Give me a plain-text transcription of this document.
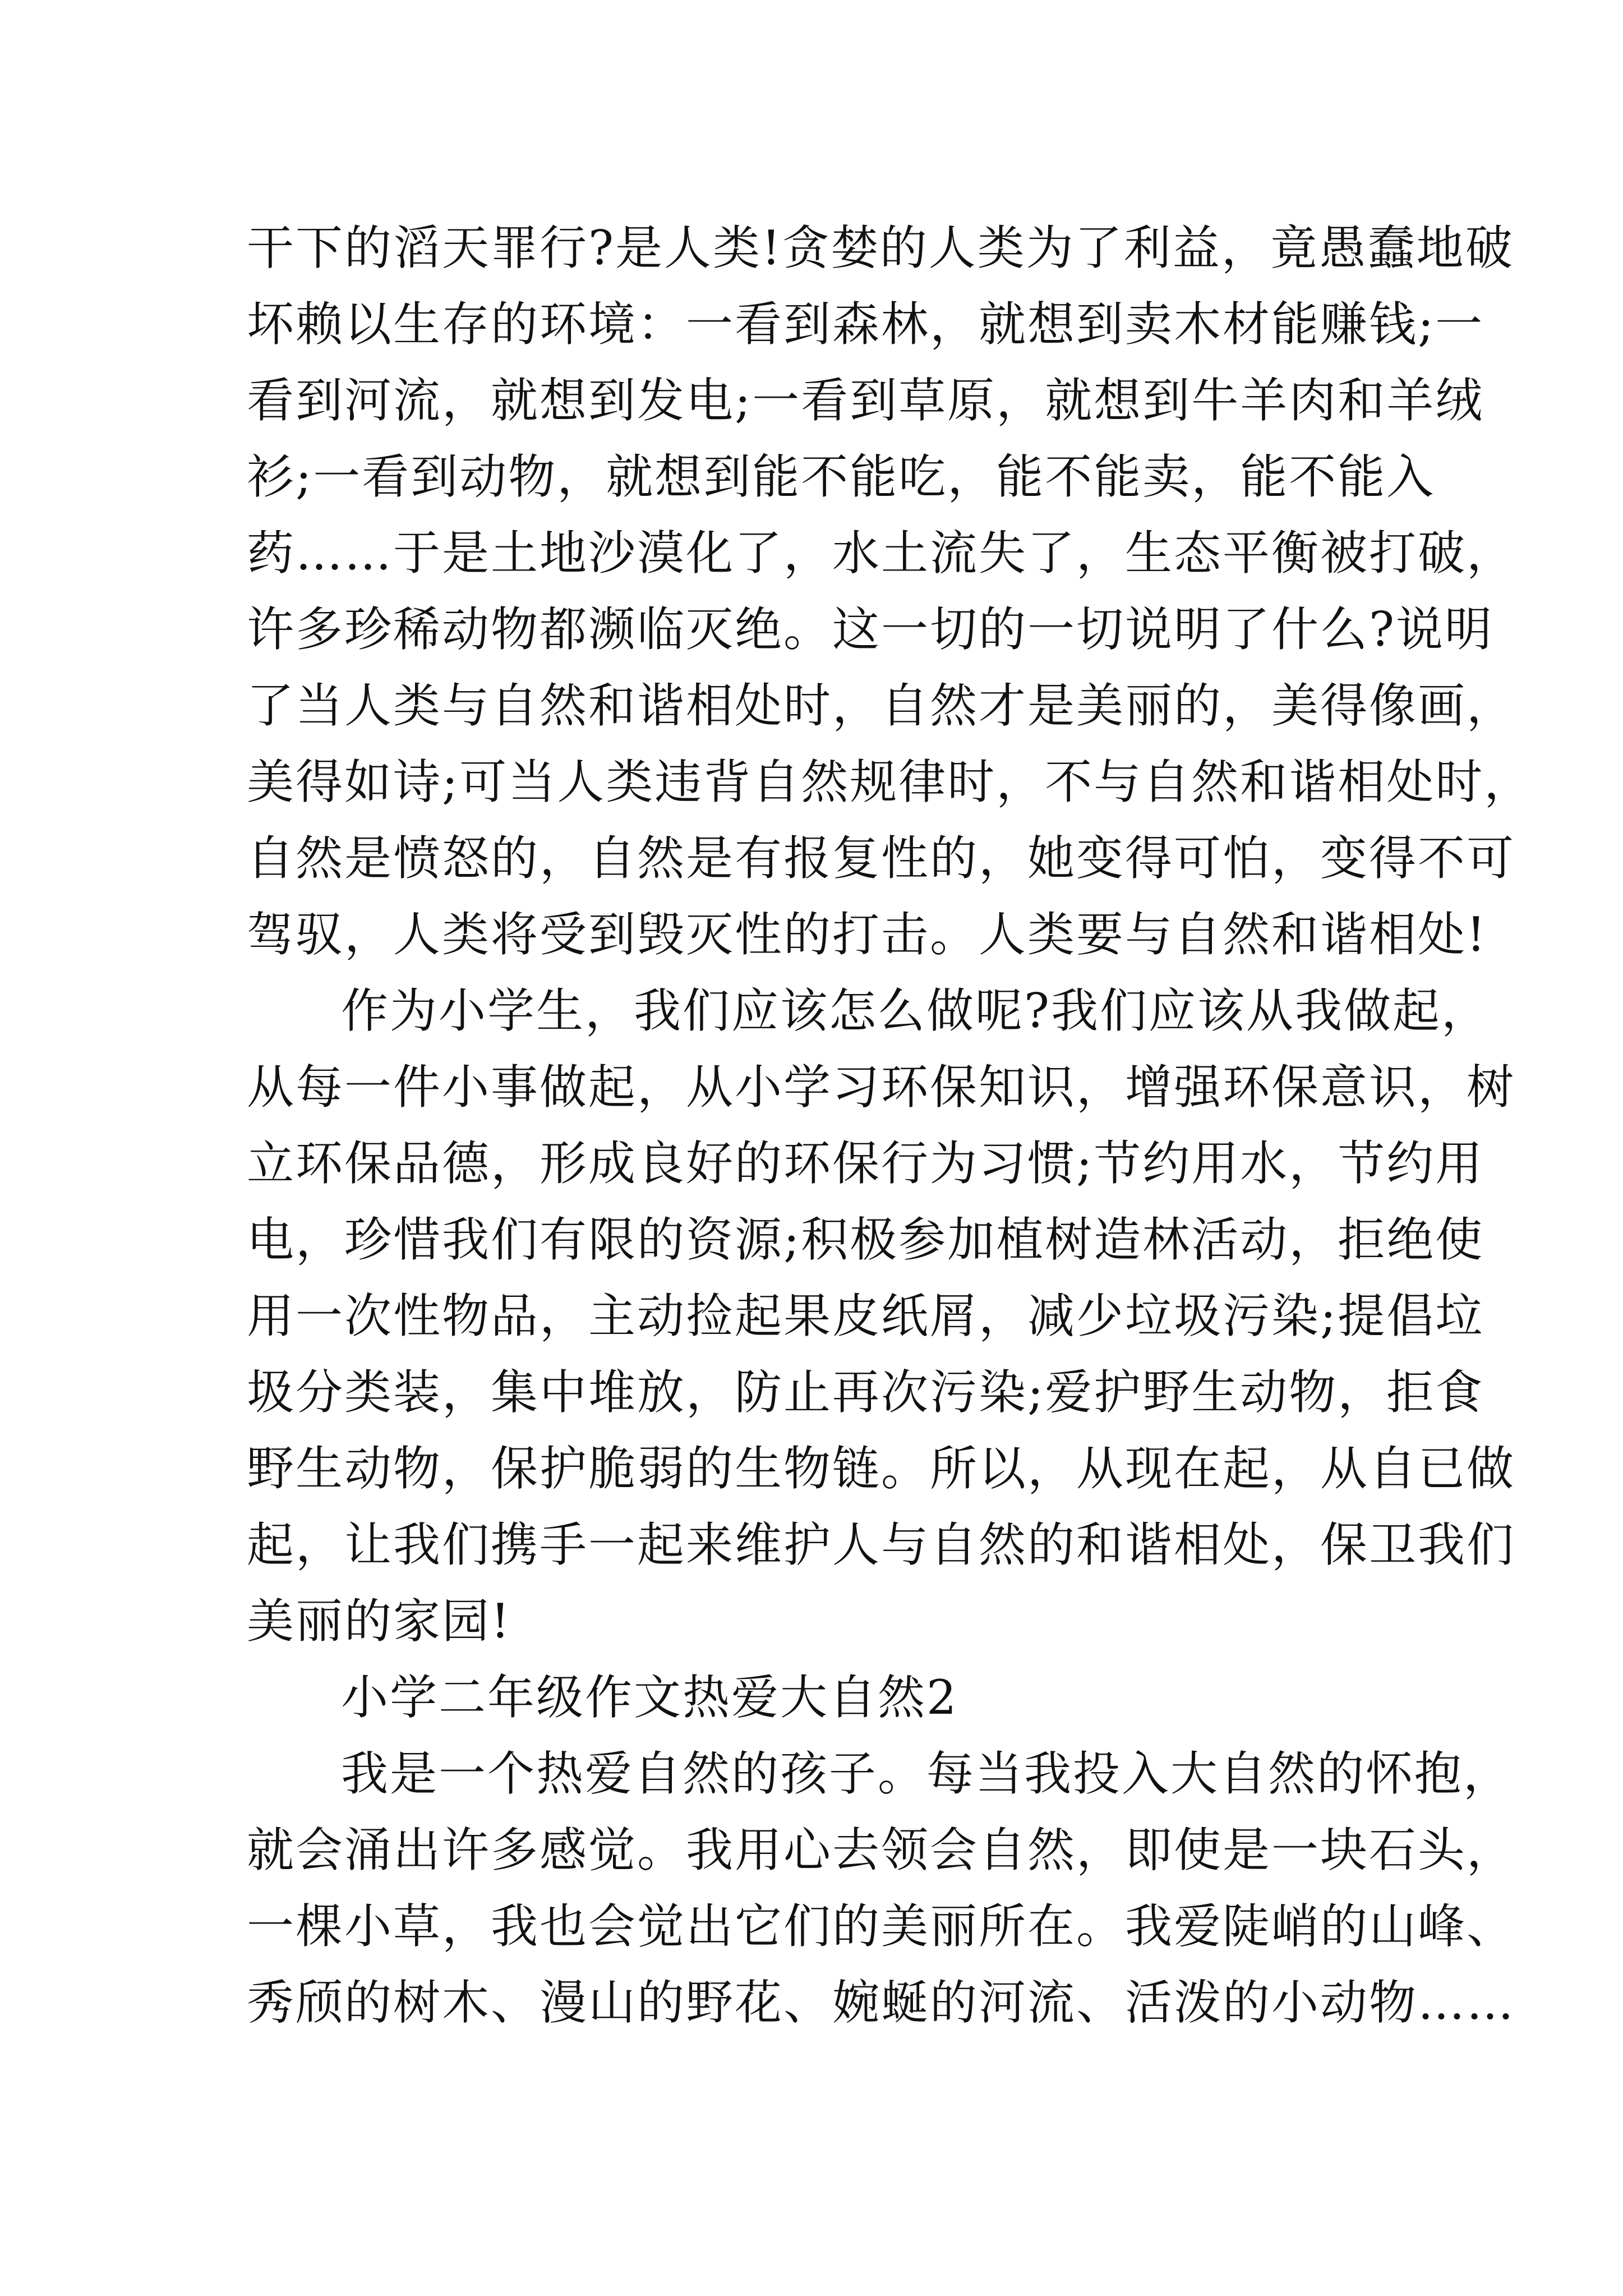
干下的滔天罪行?是人类!贪婪的人类为了利益，竟愚蠢地破
坏赖以生存的环境：一看到森林，就想到卖木材能赚钱;一
看到河流，就想到发电;一看到草原，就想到牛羊肉和羊绒
衫;一看到动物，就想到能不能吃，能不能卖，能不能入
药……于是土地沙漠化了，水土流失了，生态平衡被打破，
许多珍稀动物都濒临灭绝。这一切的一切说明了什么?说明
了当人类与自然和谐相处时，自然才是美丽的，美得像画，
美得如诗;可当人类违背自然规律时，不与自然和谐相处时，
自然是愤怒的，自然是有报复性的，她变得可怕，变得不可
驾驭，人类将受到毁灭性的打击。人类要与自然和谐相处!
作为小学生，我们应该怎么做呢?我们应该从我做起，
从每一件小事做起，从小学习环保知识，增强环保意识，树
立环保品德，形成良好的环保行为习惯;节约用水，节约用
电，珍惜我们有限的资源;积极参加植树造林活动，拒绝使
用一次性物品，主动捡起果皮纸屑，减少垃圾污染;提倡垃
圾分类装，集中堆放，防止再次污染;爱护野生动物，拒食
野生动物，保护脆弱的生物链。所以，从现在起，从自已做
起，让我们携手一起来维护人与自然的和谐相处，保卫我们
美丽的家园!
小学二年级作文热爱大自然2
我是一个热爱自然的孩子。每当我投入大自然的怀抱，
就会涌出许多感觉。我用心去领会自然，即使是一块石头，
一棵小草，我也会觉出它们的美丽所在。我爱陡峭的山峰、
秀颀的树木、漫山的野花、婉蜒的河流、活泼的小动物……
